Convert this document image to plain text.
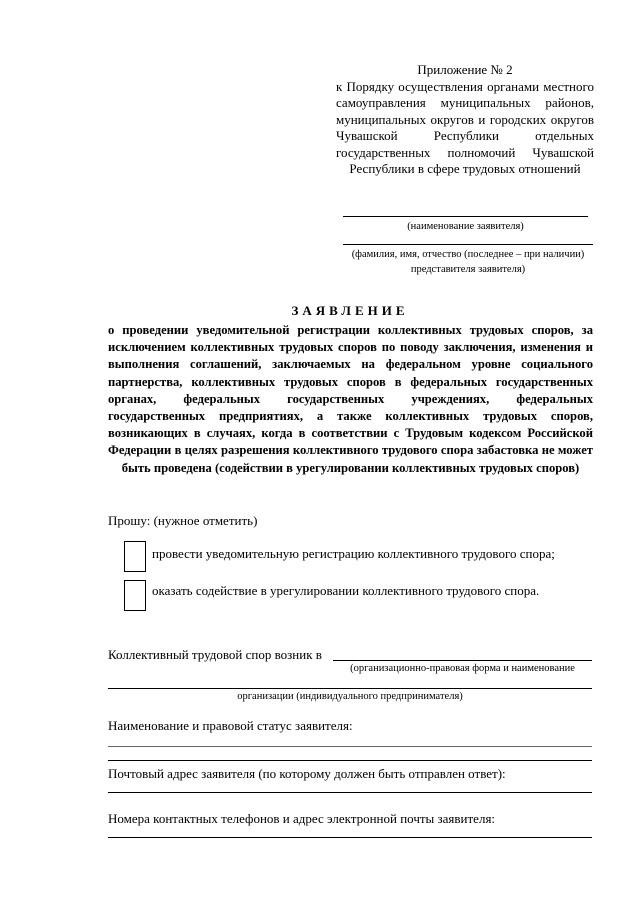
Приложение № 2
к Порядку осуществления органами местного самоуправления муниципальных районов, муниципальных округов и городских округов Чувашской Республики отдельных государственных полномочий Чувашской Республики в сфере трудовых отношений
(наименование заявителя)
(фамилия, имя, отчество (последнее – при наличии) представителя заявителя)
ЗАЯВЛЕНИЕ
о проведении уведомительной регистрации коллективных трудовых споров, за исключением коллективных трудовых споров по поводу заключения, изменения и выполнения соглашений, заключаемых на федеральном уровне социального партнерства, коллективных трудовых споров в федеральных государственных органах, федеральных государственных учреждениях, федеральных государственных предприятиях, а также коллективных трудовых споров, возникающих в случаях, когда в соответствии с Трудовым кодексом Российской Федерации в целях разрешения коллективного трудового спора забастовка не может быть проведена (содействии в урегулировании коллективных трудовых споров)
Прошу: (нужное отметить)
провести уведомительную регистрацию коллективного трудового спора;
оказать содействие в урегулировании коллективного трудового спора.
Коллективный трудовой спор возник в
(организационно-правовая форма и наименование
организации (индивидуального предпринимателя)
Наименование и правовой статус заявителя:
Почтовый адрес заявителя (по которому должен быть отправлен ответ):
Номера контактных телефонов и адрес электронной почты заявителя:
